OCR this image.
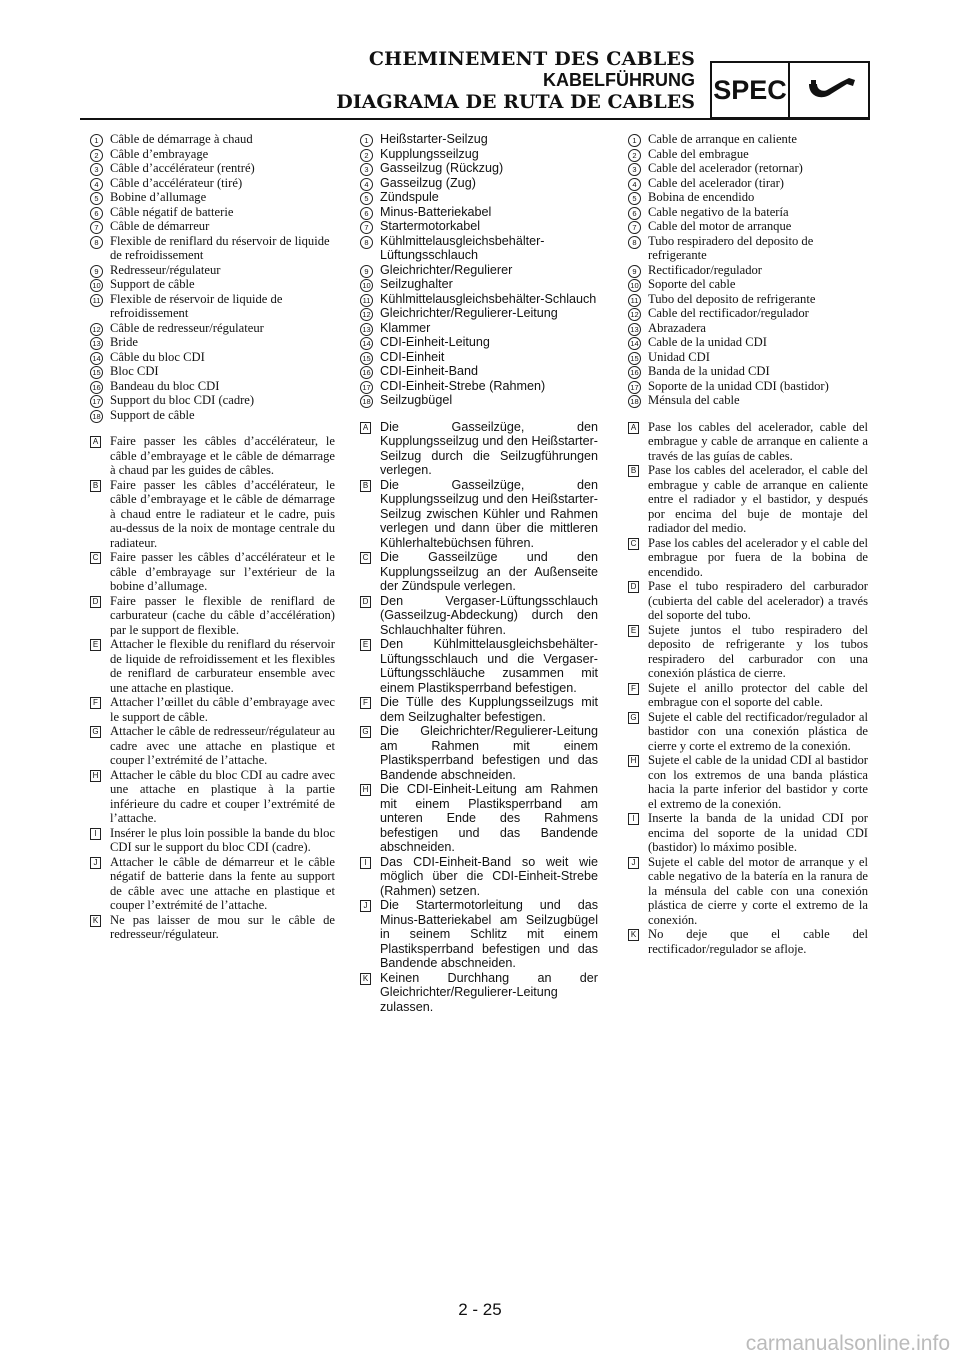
CHEMINEMENT DES CABLES
KABELFÜHRUNG
DIAGRAMA DE RUTA DE CABLES SPEC

1 Câble de démarrage à chaud

2 Câble d’embrayage

3 Câble d’accélérateur (rentré)

4 Câble d’accélérateur (tiré)

5 Bobine d’allumage

6 Câble négatif de batterie

7 Câble de démarreur

8 Flexible de reniflard du réservoir de liquide de refroidissement

9 Redresseur/régulateur

10 Support de câble

11 Flexible de réservoir de liquide de refroidissement

12 Câble de redresseur/régulateur

13 Bride

14 Câble du bloc CDI

15 Bloc CDI

16 Bandeau du bloc CDI

17 Support du bloc CDI (cadre)

18 Support de câble

A Faire passer les câbles d’accélérateur, le câble d’embrayage et le câble de démarrage à chaud par les guides de câbles.

B Faire passer les câbles d’accélérateur, le câble d’embrayage et le câble de démarrage à chaud entre le radiateur et le cadre, puis au-dessus de la noix de montage centrale du radiateur.

C Faire passer les câbles d’accélérateur et le câble d’embrayage sur l’extérieur de la bobine d’allumage.

D Faire passer le flexible de reniflard de carburateur (cache du câble d’accélération) par le support de flexible.

E Attacher le flexible du reniflard du réservoir de liquide de refroidissement et les flexibles de reniflard de carburateur ensemble avec une attache en plastique.

F Attacher l’œillet du câble d’embrayage avec le support de câble.

G Attacher le câble de redresseur/régulateur au cadre avec une attache en plastique et couper l’extrémité de l’attache.

H Attacher le câble du bloc CDI au cadre avec une attache en plastique à la partie inférieure du cadre et couper l’extrémité de l’attache.

I	Insérer le plus loin possible la bande du bloc CDI sur le support du bloc CDI (cadre).

J Attacher le câble de démarreur et le câble négatif de batterie dans la fente au support de câble avec une attache en plastique et couper l’extrémité de l’attache.

K Ne pas laisser de mou sur le câble de redresseur/régulateur.

1 Heißstarter-Seilzug

2 Kupplungsseilzug

3 Gasseilzug (Rückzug)

4 Gasseilzug (Zug)

5 Zündspule

6 Minus-Batteriekabel

7 Startermotorkabel

8 Kühlmittelausgleichsbehälter-Lüftungsschlauch

9 Gleichrichter/Regulierer

10 Seilzughalter

11 Kühlmittelausgleichsbehälter-Schlauch

12 Gleichrichter/Regulierer-Leitung

13 Klammer

14 CDI-Einheit-Leitung

15 CDI-Einheit

16 CDI-Einheit-Band

17 CDI-Einheit-Strebe (Rahmen)

18 Seilzugbügel

A Die Gasseilzüge, den Kupplungsseilzug und den Heißstarter-Seilzug durch die Seilzugführungen verlegen.

B Die Gasseilzüge, den Kupplungsseilzug und den Heißstarter-Seilzug zwischen Kühler und Rahmen verlegen und dann über die mittleren Kühlerhaltebüchsen führen.

C Die Gasseilzüge und den Kupplungsseilzug an der Außenseite der Zündspule verlegen.

D Den Vergaser-Lüftungsschlauch (Gasseilzug-Abdeckung) durch den Schlauchhalter führen.

E Den Kühlmittelausgleichsbehälter-Lüftungsschlauch und die Vergaser-Lüftungsschläuche zusammen mit einem Plastiksperrband befestigen.

F Die Tülle des Kupplungsseilzugs mit dem Seilzughalter befestigen.

G Die Gleichrichter/Regulierer-Leitung am Rahmen mit einem Plastiksperrband befestigen und das Bandende abschneiden.

H Die CDI-Einheit-Leitung am Rahmen mit einem Plastiksperrband am unteren Ende des Rahmens befestigen und das Bandende abschneiden.

I	Das CDI-Einheit-Band so weit wie möglich über die CDI-Einheit-Strebe (Rahmen) setzen.

J Die Startermotorleitung und das Minus-Batteriekabel am Seilzugbügel in seinem Schlitz mit einem Plastiksperrband befestigen und das Bandende abschneiden.

K Keinen Durchhang an der Gleichrichter/Regulierer-Leitung zulassen.

1 Cable de arranque en caliente

2 Cable del embrague

3 Cable del acelerador (retornar)

4 Cable del acelerador (tirar)

5 Bobina de encendido

6 Cable negativo de la batería

7 Cable del motor de arranque

8 Tubo respiradero del deposito de refrigerante

9 Rectificador/regulador

10 Soporte del cable

11 Tubo del deposito de refrigerante

12 Cable del rectificador/regulador

13 Abrazadera

14 Cable de la unidad CDI

15 Unidad CDI

16 Banda de la unidad CDI

17 Soporte de la unidad CDI (bastidor)

18 Ménsula del cable

A Pase los cables del acelerador, cable del embrague y cable de arranque en caliente a través de las guías de cables.

B Pase los cables del acelerador, el cable del embrague y cable de arranque en caliente entre el radiador y el bastidor, y después por encima del buje de montaje del radiador del medio.

C Pase los cables del acelerador y el cable del embrague por fuera de la bobina de encendido.

D Pase el tubo respiradero del carburador (cubierta del cable del acelerador) a través del soporte del tubo.

E Sujete juntos el tubo respiradero del deposito de refrigerante y los tubos respiradero del carburador con una conexión plástica de cierre.

F Sujete el anillo protector del cable del embrague con el soporte del cable.

G Sujete el cable del rectificador/regulador al bastidor con una conexión plástica de cierre y corte el extremo de la conexión.

H Sujete el cable de la unidad CDI al bastidor con los extremos de una banda plástica hacia la parte inferior del bastidor y corte el extremo de la conexión.

I	Inserte la banda de la unidad CDI por encima del soporte de la unidad CDI (bastidor) lo máximo posible.

J Sujete el cable del motor de arranque y el cable negativo de la batería en la ranura de la ménsula del cable con una conexión plástica de cierre y corte el extremo de la conexión.

K No deje que el cable del rectificador/regulador se afloje.

2 - 25
carmanualsonline.info
